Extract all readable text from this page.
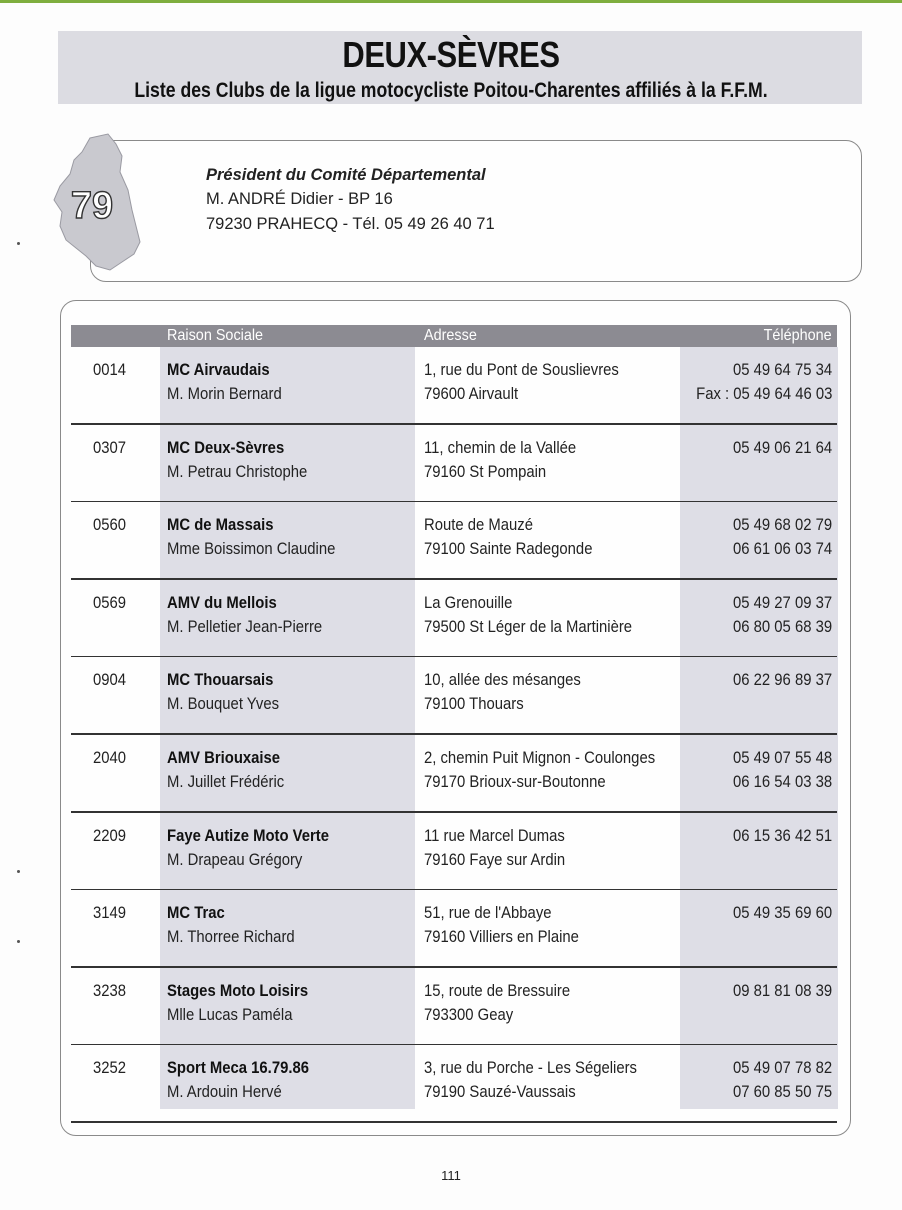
DEUX-SÈVRES
Liste des Clubs de la ligue motocycliste Poitou-Charentes affiliés à la F.F.M.
79
Président du Comité Départemental
M. ANDRÉ Didier - BP 16
79230 PRAHECQ - Tél. 05 49 26 40 71
Raison Sociale	Adresse	Téléphone
0014 MC Airvaudais
M. Morin Bernard
1, rue du Pont de Souslievres
79600 Airvault
05 49 64 75 34
Fax : 05 49 64 46 03
0307 MC Deux-Sèvres
M. Petrau Christophe
11, chemin de la Vallée
79160 St Pompain
05 49 06 21 64
0560 MC de Massais
Mme Boissimon Claudine
Route de Mauzé
79100 Sainte Radegonde
05 49 68 02 79
06 61 06 03 74
0569 AMV du Mellois
M. Pelletier Jean-Pierre
La Grenouille
79500 St Léger de la Martinière
05 49 27 09 37
06 80 05 68 39
0904 MC Thouarsais
M. Bouquet Yves
10, allée des mésanges
79100 Thouars
06 22 96 89 37
2040 AMV Briouxaise
M. Juillet Frédéric
2, chemin Puit Mignon - Coulonges
79170 Brioux-sur-Boutonne
05 49 07 55 48
06 16 54 03 38
2209 Faye Autize Moto Verte
M. Drapeau Grégory
11 rue Marcel Dumas
79160 Faye sur Ardin
06 15 36 42 51
3149 MC Trac
M. Thorree Richard
51, rue de l'Abbaye
79160 Villiers en Plaine
05 49 35 69 60
3238 Stages Moto Loisirs
Mlle Lucas Paméla
15, route de Bressuire
793300 Geay
09 81 81 08 39
3252 Sport Meca 16.79.86
M. Ardouin Hervé
3, rue du Porche - Les Ségeliers
79190 Sauzé-Vaussais
05 49 07 78 82
07 60 85 50 75
111
